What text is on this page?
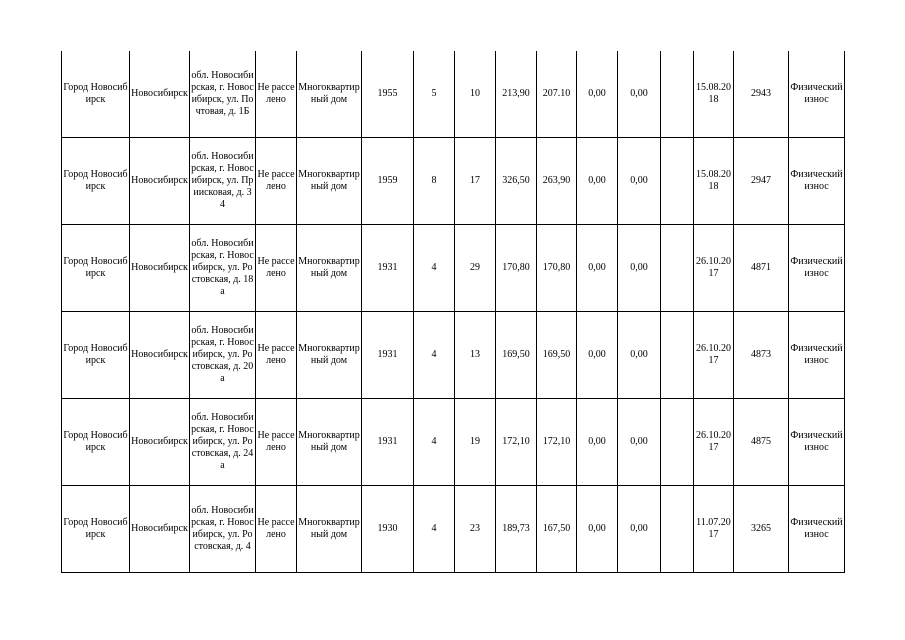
Город Новосибирск	Новосибирск	обл. Новосибирская, г. Новосибирск, ул. Почтовая, д. 1Б	Не расселено	Многоквартирный дом	1955	5	10	213,90	207.10	0,00	0,00		15.08.2018	2943	Физический износ
Город Новосибирск	Новосибирск	обл. Новосибирская, г. Новосибирск, ул. Приисковая, д. 34	Не расселено	Многоквартирный дом	1959	8	17	326,50	263,90	0,00	0,00		15.08.2018	2947	Физический износ
Город Новосибирск	Новосибирск	обл. Новосибирская, г. Новосибирск, ул. Ростовская, д. 18а	Не расселено	Многоквартирный дом	1931	4	29	170,80	170,80	0,00	0,00		26.10.2017	4871	Физический износ
Город Новосибирск	Новосибирск	обл. Новосибирская, г. Новосибирск, ул. Ростовская, д. 20а	Не расселено	Многоквартирный дом	1931	4	13	169,50	169,50	0,00	0,00		26.10.2017	4873	Физический износ
Город Новосибирск	Новосибирск	обл. Новосибирская, г. Новосибирск, ул. Ростовская, д. 24а	Не расселено	Многоквартирный дом	1931	4	19	172,10	172,10	0,00	0,00		26.10.2017	4875	Физический износ
Город Новосибирск	Новосибирск	обл. Новосибирская, г. Новосибирск, ул. Ростовская, д. 4	Не расселено	Многоквартирный дом	1930	4	23	189,73	167,50	0,00	0,00		11.07.2017	3265	Физический износ
